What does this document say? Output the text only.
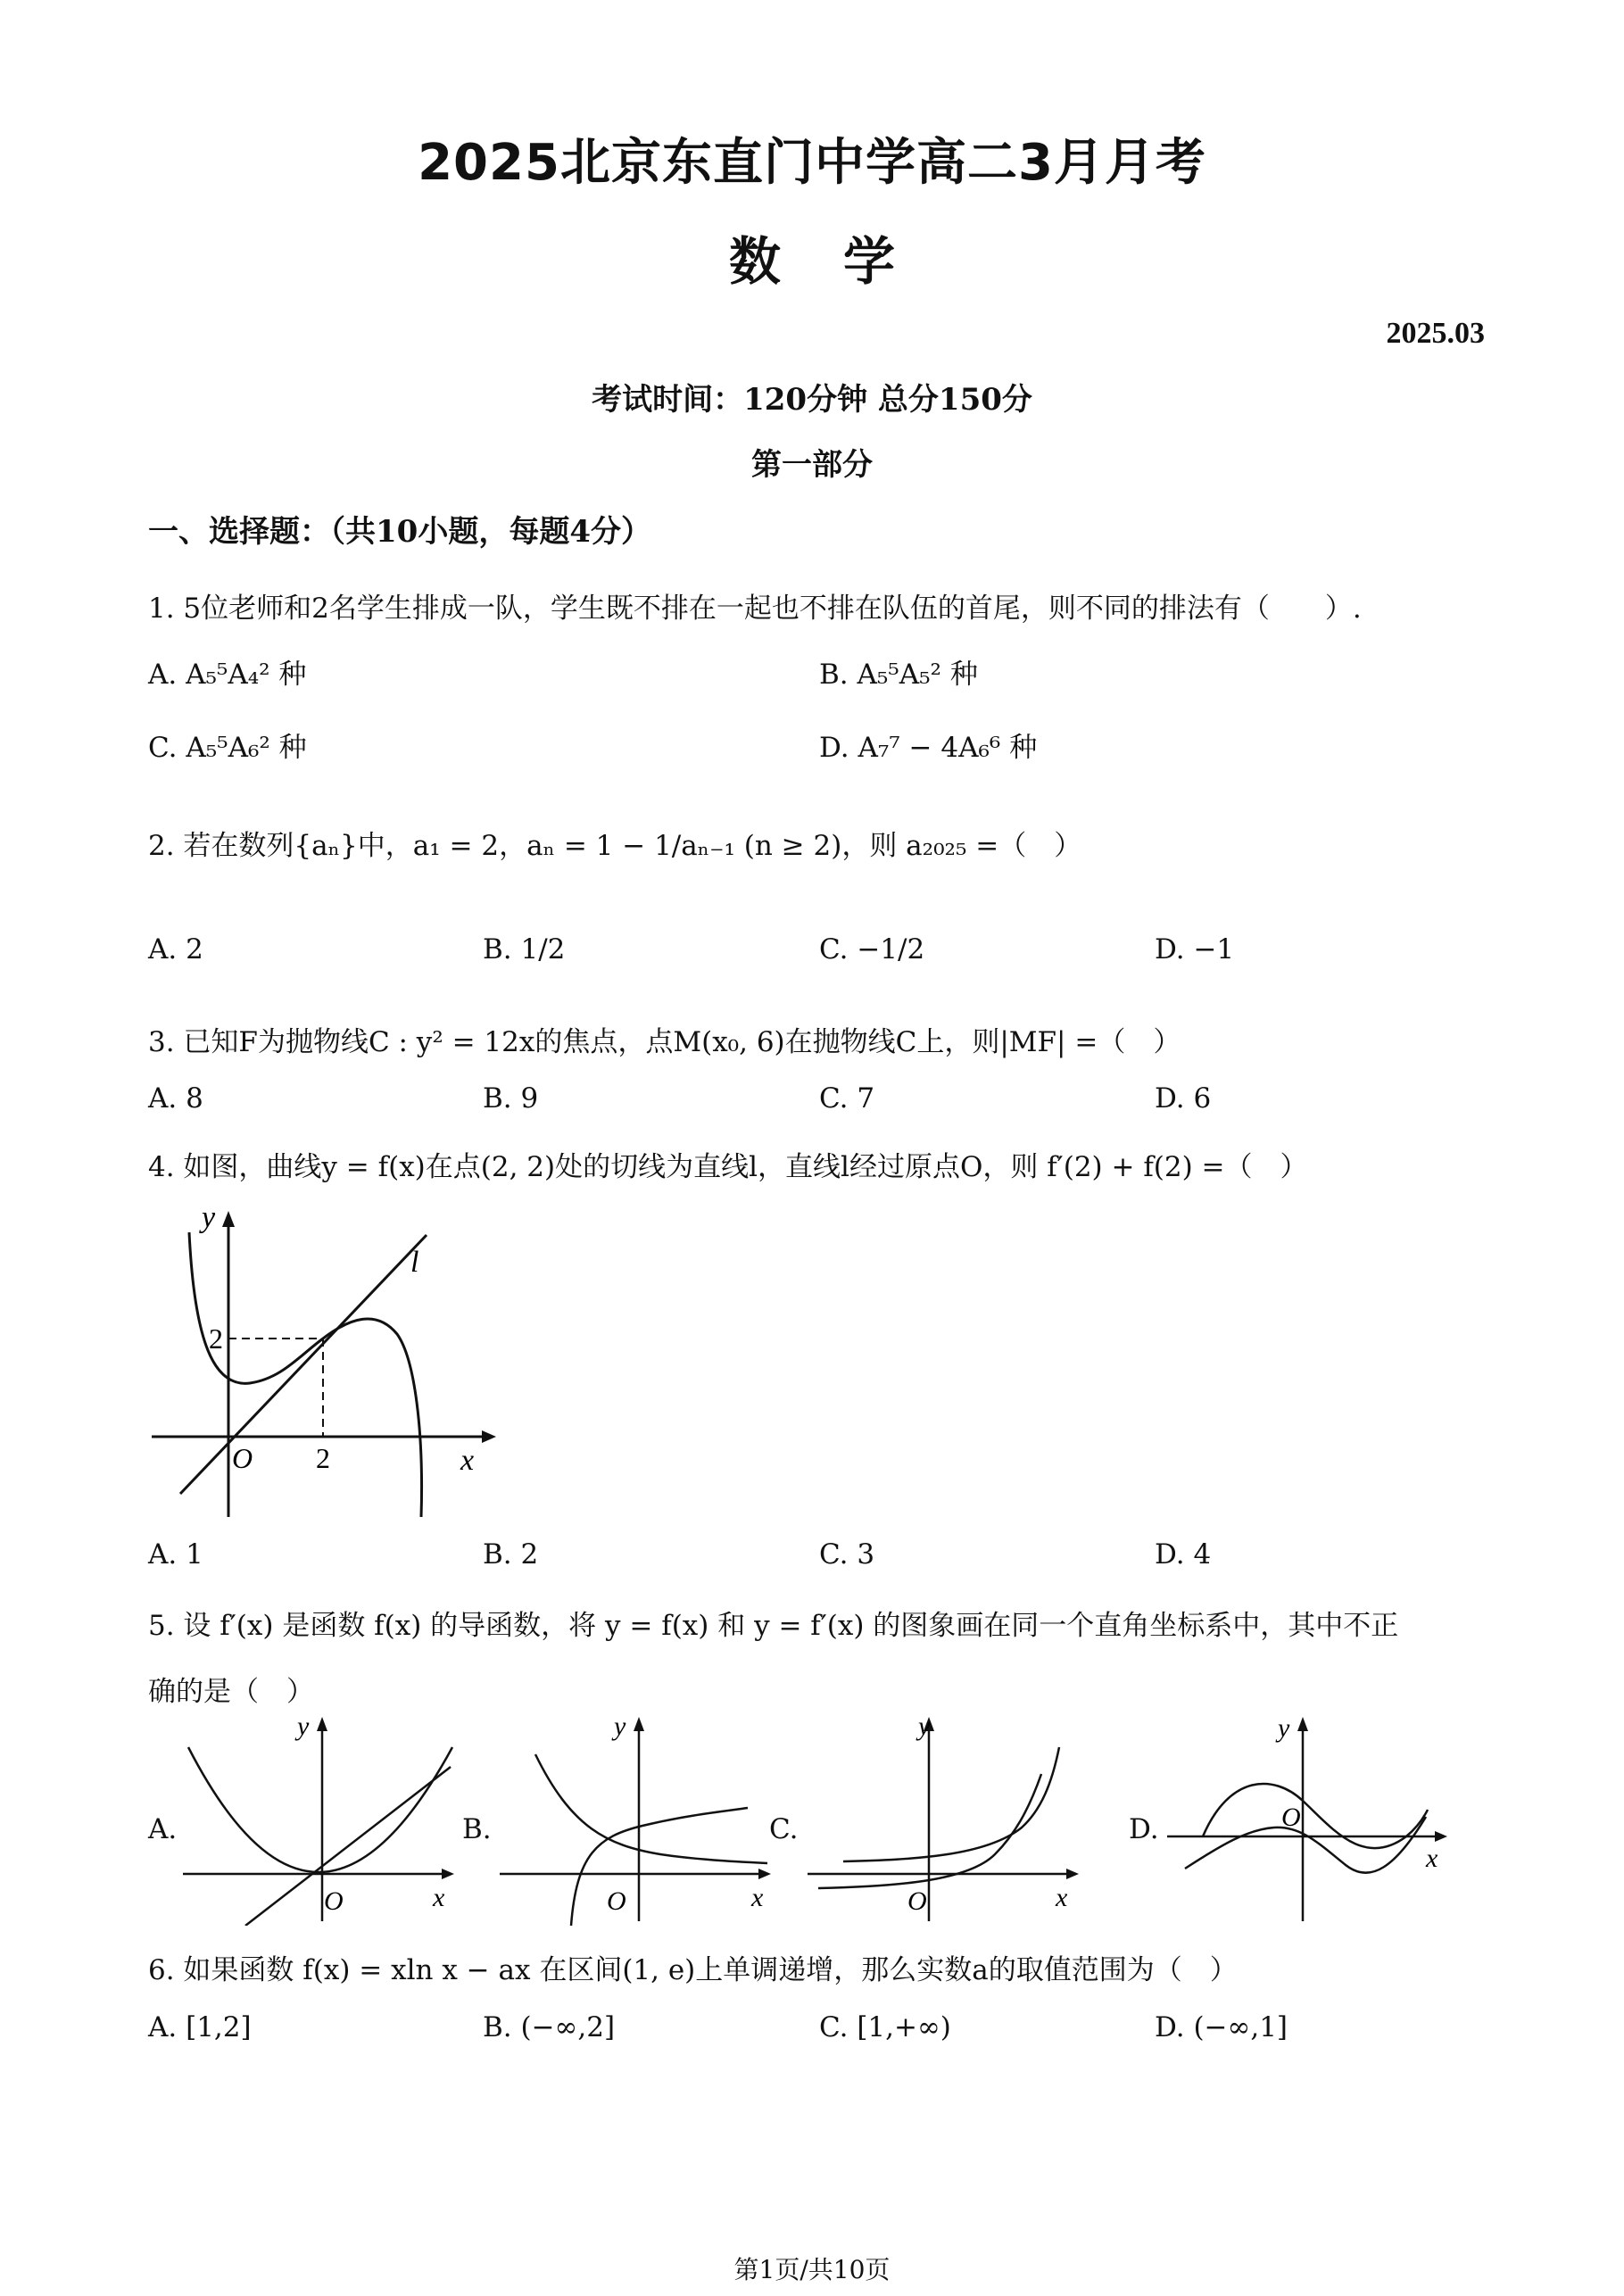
2025北京东直门中学高二3月月考
数学
2025.03
考试时间：120分钟 总分150分
第一部分
一、选择题：（共10小题，每题4分）
1. 5位老师和2名学生排成一队，学生既不排在一起也不排在队伍的首尾，则不同的排法有（　　）.
A. A₅⁵A₄² 种	B. A₅⁵A₅² 种
C. A₅⁵A₆² 种	D. A₇⁷ − 4A₆⁶ 种
2. 若在数列{aₙ}中，a₁ = 2，aₙ = 1 − 1/aₙ₋₁ (n ≥ 2)，则 a₂₀₂₅ =（　）
A. 2	B. 1/2	C. −1/2	D. −1
3. 已知F为抛物线C : y² = 12x的焦点，点M(x₀, 6)在抛物线C上，则|MF| =（　）
A. 8	B. 9	C. 7	D. 6
4. 如图，曲线y = f(x)在点(2, 2)处的切线为直线l，直线l经过原点O，则 f′(2) + f(2) =（　）
y
x
O
l
2
2
A. 1	B. 2	C. 3	D. 4
5. 设 f′(x) 是函数 f(x) 的导函数，将 y = f(x) 和 y = f′(x) 的图象画在同一个直角坐标系中，其中不正
确的是（　）
A.	B.	C.	D.
y
x
O
y
x
O
y
x
O
y
x
O
6. 如果函数 f(x) = xln x − ax 在区间(1, e)上单调递增，那么实数a的取值范围为（　）
A. [1,2]	B. (−∞,2]	C. [1,+∞)	D. (−∞,1]
第1页/共10页
